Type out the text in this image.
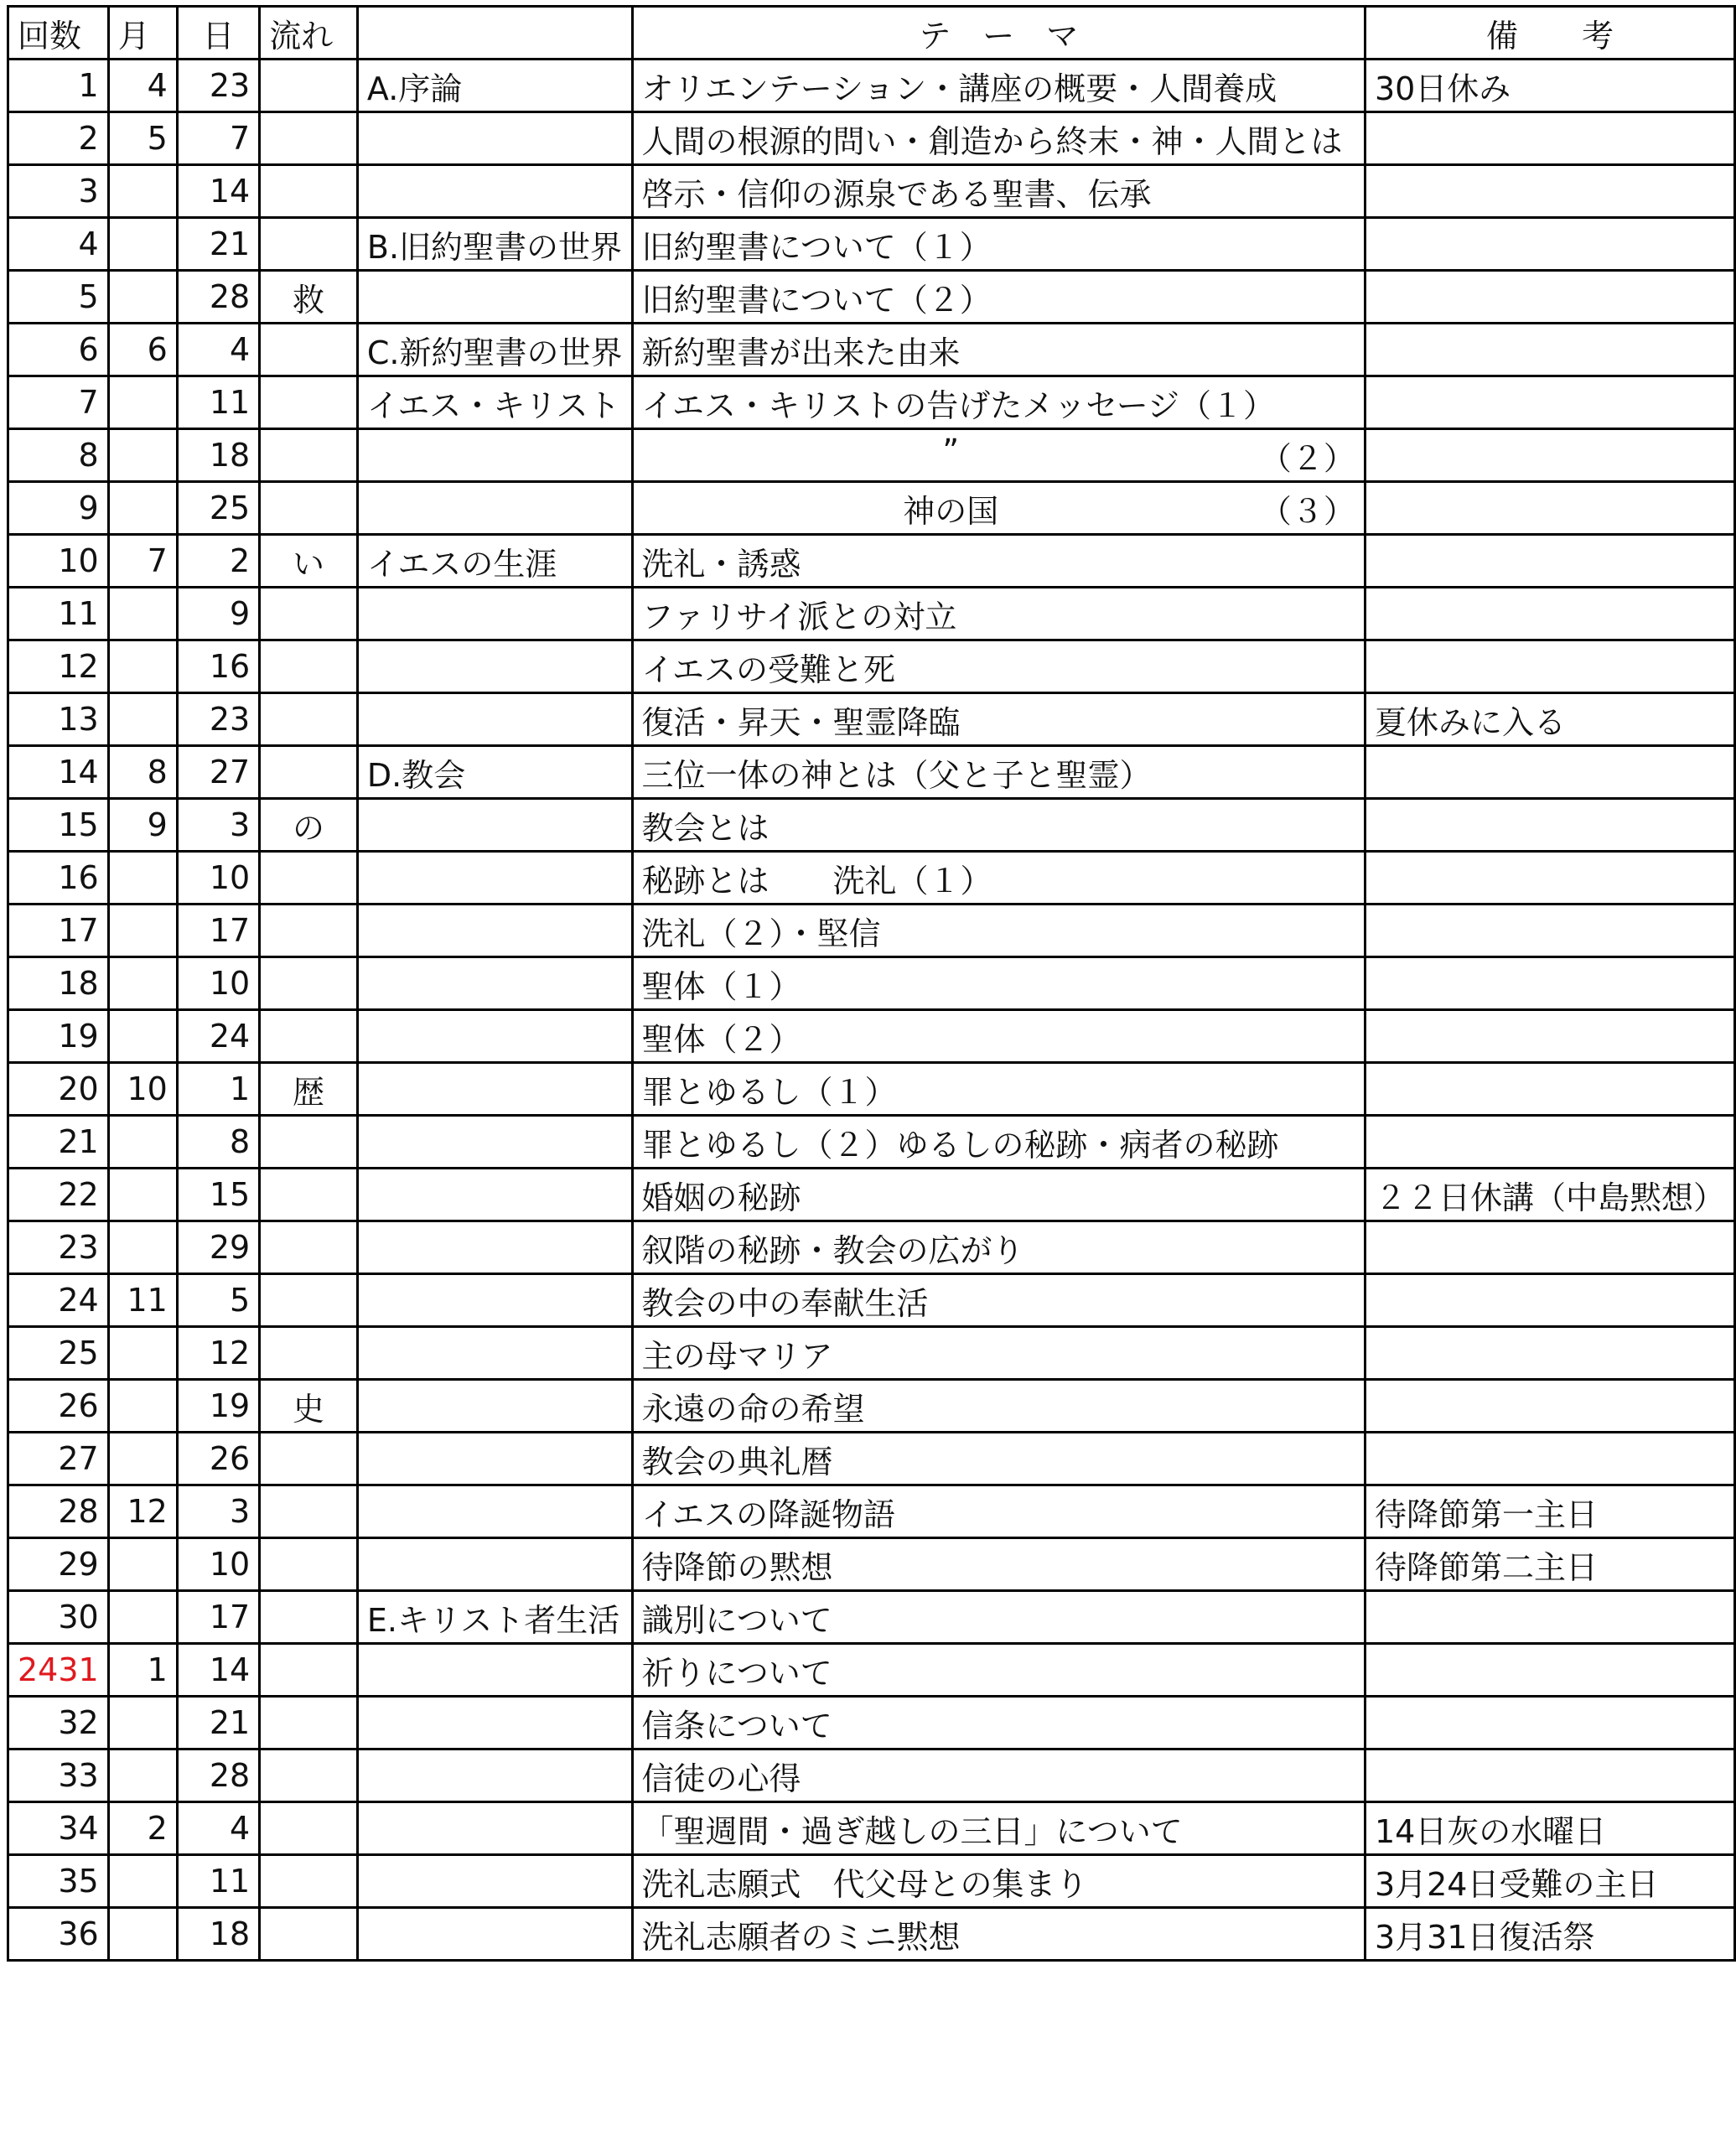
回数	月	日	流れ		テ　ー　マ	備　　考
1	4	23		A.序論	オリエンテーション・講座の概要・人間養成	30日休み
2	5	7			人間の根源的問い・創造から終末・神・人間とは	
3		14			啓示・信仰の源泉である聖書、伝承	
4		21		B.旧約聖書の世界	旧約聖書について（１）	
5		28	救		旧約聖書について（２）	
6	6	4		C.新約聖書の世界	新約聖書が出来た由来	
7		11		イエス・キリスト	イエス・キリストの告げたメッセージ（１）	
8		18			” （２）	

9		25			神の国 （３）	

10	7	2	い	イエスの生涯	洗礼・誘惑	
11		9			ファリサイ派との対立	
12		16			イエスの受難と死	
13		23			復活・昇天・聖霊降臨	夏休みに入る
14	8	27		D.教会	三位一体の神とは（父と子と聖霊）	
15	9	3	の		教会とは	
16		10			秘跡とは　　洗礼（１）	
17		17			洗礼（２）・堅信	
18		10			聖体（１）	
19		24			聖体（２）	
20	10	1	歴		罪とゆるし（１）	
21		8			罪とゆるし（２）ゆるしの秘跡・病者の秘跡	
22		15			婚姻の秘跡	２２日休講（中島黙想）
23		29			叙階の秘跡・教会の広がり	
24	11	5			教会の中の奉献生活	
25		12			主の母マリア	
26		19	史		永遠の命の希望	
27		26			教会の典礼暦	
28	12	3			イエスの降誕物語	待降節第一主日
29		10			待降節の黙想	待降節第二主日
30		17		E.キリスト者生活	識別について	
2431	1	14			祈りについて	
32		21			信条について	
33		28			信徒の心得	
34	2	4			「聖週間・過ぎ越しの三日」について	14日灰の水曜日
35		11			洗礼志願式　代父母との集まり	3月24日受難の主日
36		18			洗礼志願者のミニ黙想	3月31日復活祭
